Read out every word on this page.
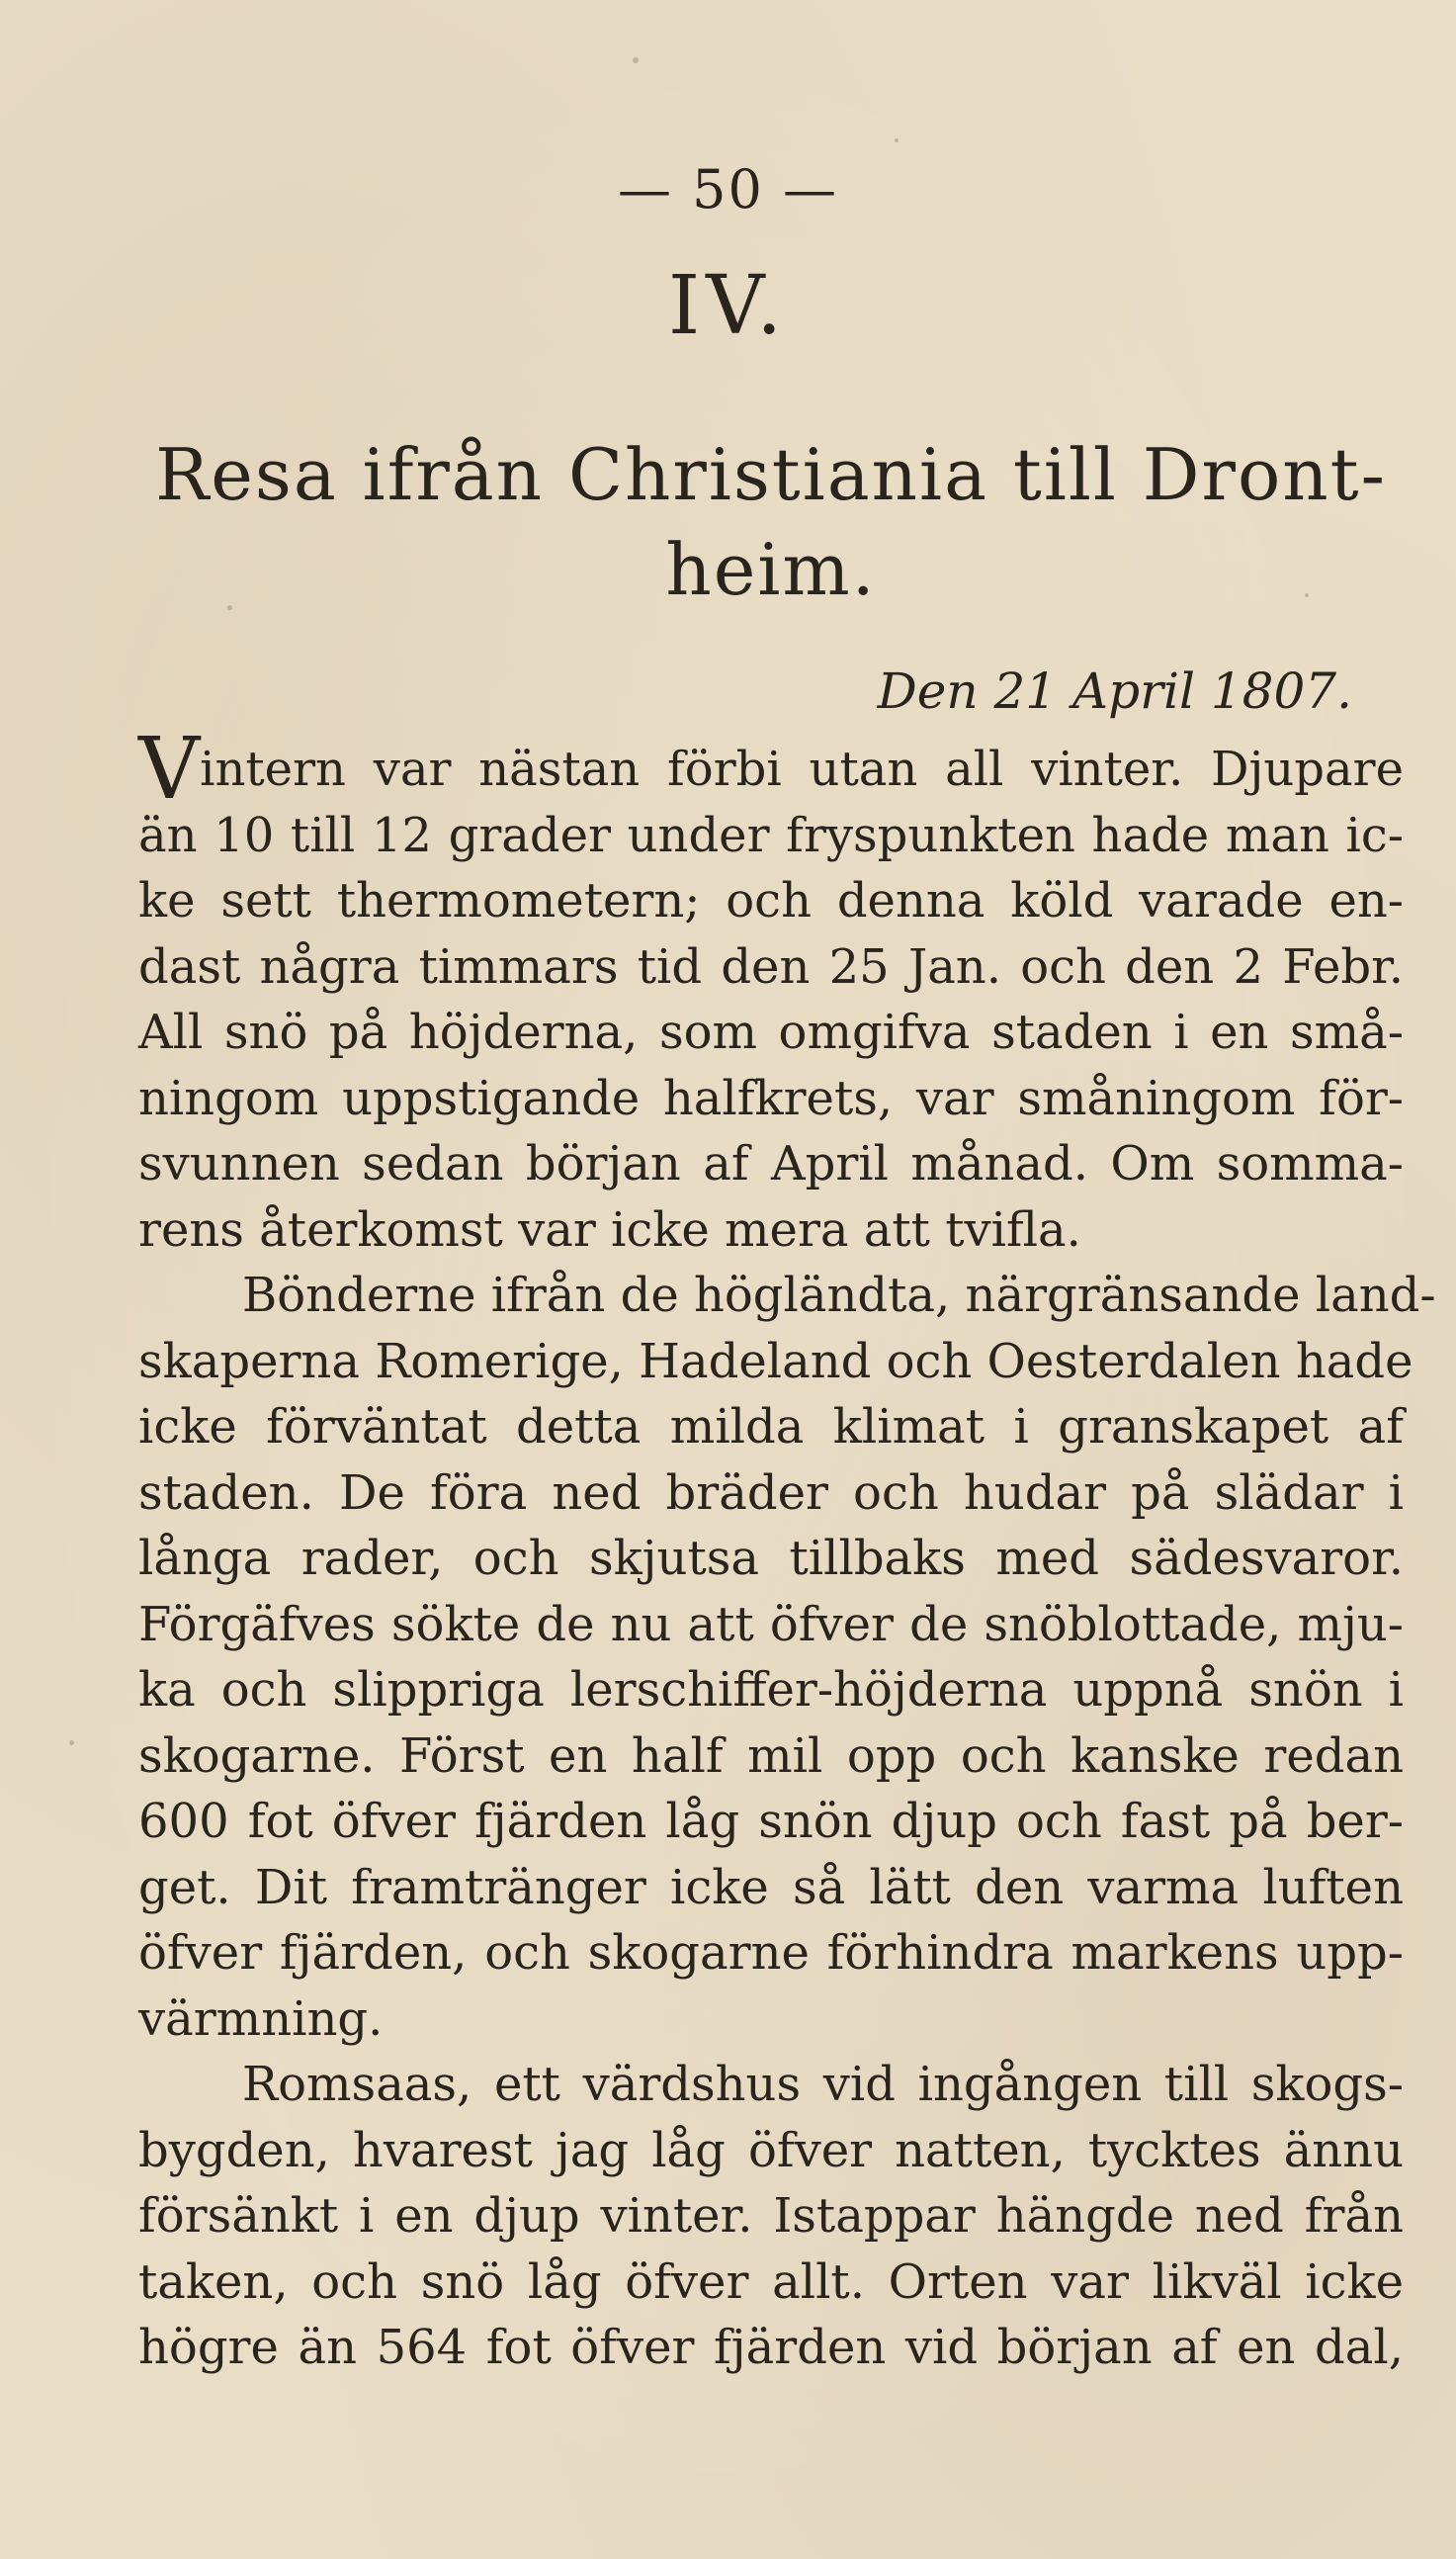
— 50 —
IV.
Resa ifrån Christiania till Dront-
heim.
Den 21 April 1807.
Vintern var nästan förbi utan all vinter. Djupare
än 10 till 12 grader under fryspunkten hade man ic-
ke sett thermometern; och denna köld varade en-
dast några timmars tid den 25 Jan. och den 2 Febr.
All snö på höjderna, som omgifva staden i en små-
ningom uppstigande halfkrets, var småningom för-
svunnen sedan början af April månad. Om somma-
rens återkomst var icke mera att tvifla.
Bönderne ifrån de högländta, närgränsande land-
skaperna Romerige, Hadeland och Oesterdalen hade
icke förväntat detta milda klimat i granskapet af
staden. De föra ned bräder och hudar på slädar i
långa rader, och skjutsa tillbaks med sädesvaror.
Förgäfves sökte de nu att öfver de snöblottade, mju-
ka och slippriga lerschiffer-höjderna uppnå snön i
skogarne. Först en half mil opp och kanske redan
600 fot öfver fjärden låg snön djup och fast på ber-
get. Dit framtränger icke så lätt den varma luften
öfver fjärden, och skogarne förhindra markens upp-
värmning.
Romsaas, ett värdshus vid ingången till skogs-
bygden, hvarest jag låg öfver natten, tycktes ännu
försänkt i en djup vinter. Istappar hängde ned från
taken, och snö låg öfver allt. Orten var likväl icke
högre än 564 fot öfver fjärden vid början af en dal,
